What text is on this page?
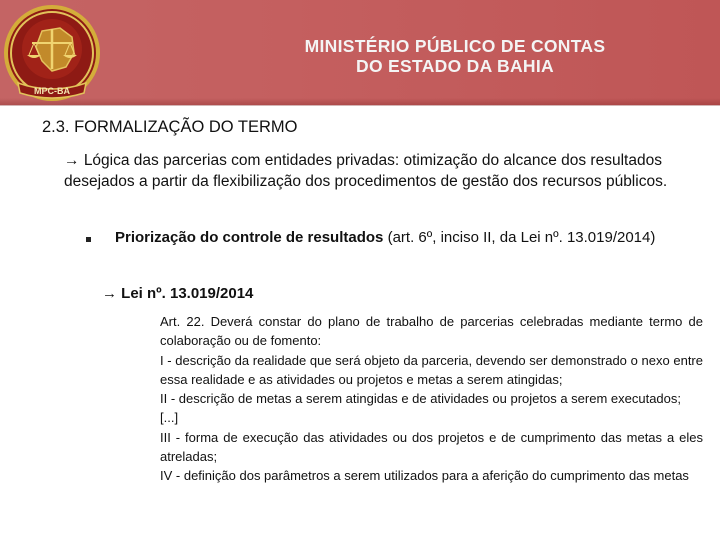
MPC-BA
MINISTÉRIO PÚBLICO DE CONTAS
DO ESTADO DA BAHIA
2.3. FORMALIZAÇÃO DO TERMO
→ Lógica das parcerias com entidades privadas: otimização do alcance dos resultados desejados a partir da flexibilização dos procedimentos de gestão dos recursos públicos.
Priorização do controle de resultados (art. 6º, inciso II, da Lei nº. 13.019/2014)
→ Lei nº. 13.019/2014

Art. 22. Deverá constar do plano de trabalho de parcerias celebradas mediante termo de colaboração ou de fomento:

I - descrição da realidade que será objeto da parceria, devendo ser demonstrado o nexo entre essa realidade e as atividades ou projetos e metas a serem atingidas;

II - descrição de metas a serem atingidas e de atividades ou projetos a serem executados;

[...]

III - forma de execução das atividades ou dos projetos e de cumprimento das metas a eles atreladas;

IV - definição dos parâmetros a serem utilizados para a aferição do cumprimento das metas
